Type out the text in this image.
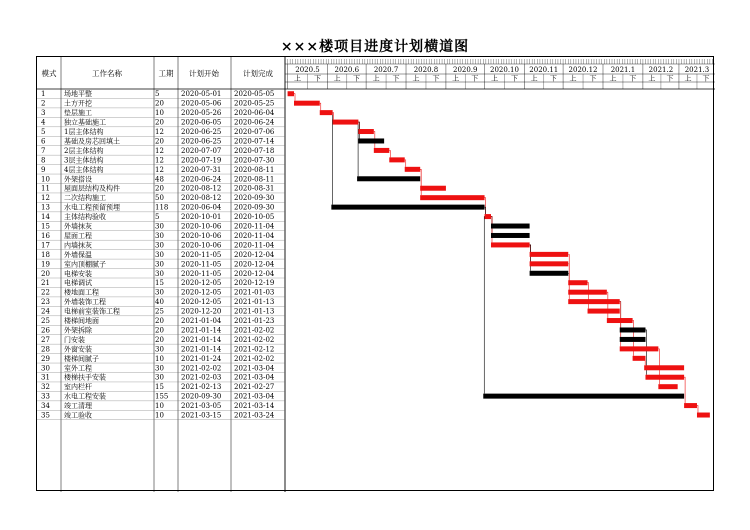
×××楼项目进度计划横道图
模式	工作名称	工期 计划开始	计划完成
1	场地平整	5	2020-05-01 2020-05-05
2	土方开挖	20 2020-05-06 2020-05-25
3	垫层施工	10 2020-05-26 2020-06-04
4	独立基础施工	20 2020-06-05 2020-06-24
5	1层主体结构	12 2020-06-25 2020-07-06
6	基础及房芯回填土	20 2020-06-25 2020-07-14
7	2层主体结构	12 2020-07-07 2020-07-18
8	3层主体结构	12 2020-07-19 2020-07-30
9	4层主体结构	12 2020-07-31 2020-08-11
10 外架搭设	48 2020-06-24 2020-08-11
11 屋面层结构及构件	20 2020-08-12 2020-08-31
12 二次结构施工	50 2020-08-12 2020-09-30
13 水电工程预留预埋	118 2020-06-04 2020-09-30
14 主体结构验收	5	2020-10-01 2020-10-05
15 外墙抹灰	30 2020-10-06 2020-11-04
16 屋面工程	30 2020-10-06 2020-11-04
17 内墙抹灰	30 2020-10-06 2020-11-04
18 外墙保温	30 2020-11-05 2020-12-04
19 室内顶棚腻子	30 2020-11-05 2020-12-04
20 电梯安装	30 2020-11-05 2020-12-04
21 电梯调试	15 2020-12-05 2020-12-19
22 楼地面工程	30 2020-12-05 2021-01-03
23 外墙装饰工程	40 2020-12-05 2021-01-13
24 电梯前室装饰工程	25 2020-12-20 2021-01-13
25 楼梯间地面	20 2021-01-04 2021-01-23
26 外架拆除	20 2021-01-14 2021-02-02
27 门安装	20 2021-01-14 2021-02-02
28 外窗安装	30 2021-01-14 2021-02-12
29 楼梯间腻子	10 2021-01-24 2021-02-02
30 室外工程	30 2021-02-02 2021-03-04
31 楼梯扶手安装	30 2021-02-03 2021-03-04
32 室内栏杆	15 2021-02-13 2021-02-27
33 水电工程安装	155 2020-09-30 2021-03-04
34 竣工清理	10 2021-03-05 2021-03-14
35 竣工验收	10 2021-03-15 2021-03-24
2020.5
上 下
2020.6
上 下
2020.7
上 下
2020.8
上 下
2020.9
上 下
2020.10
上 下
2020.11
上 下
2020.12
上 下
2021.1
上 下
2021.2
上 下
2021.3
上 下
